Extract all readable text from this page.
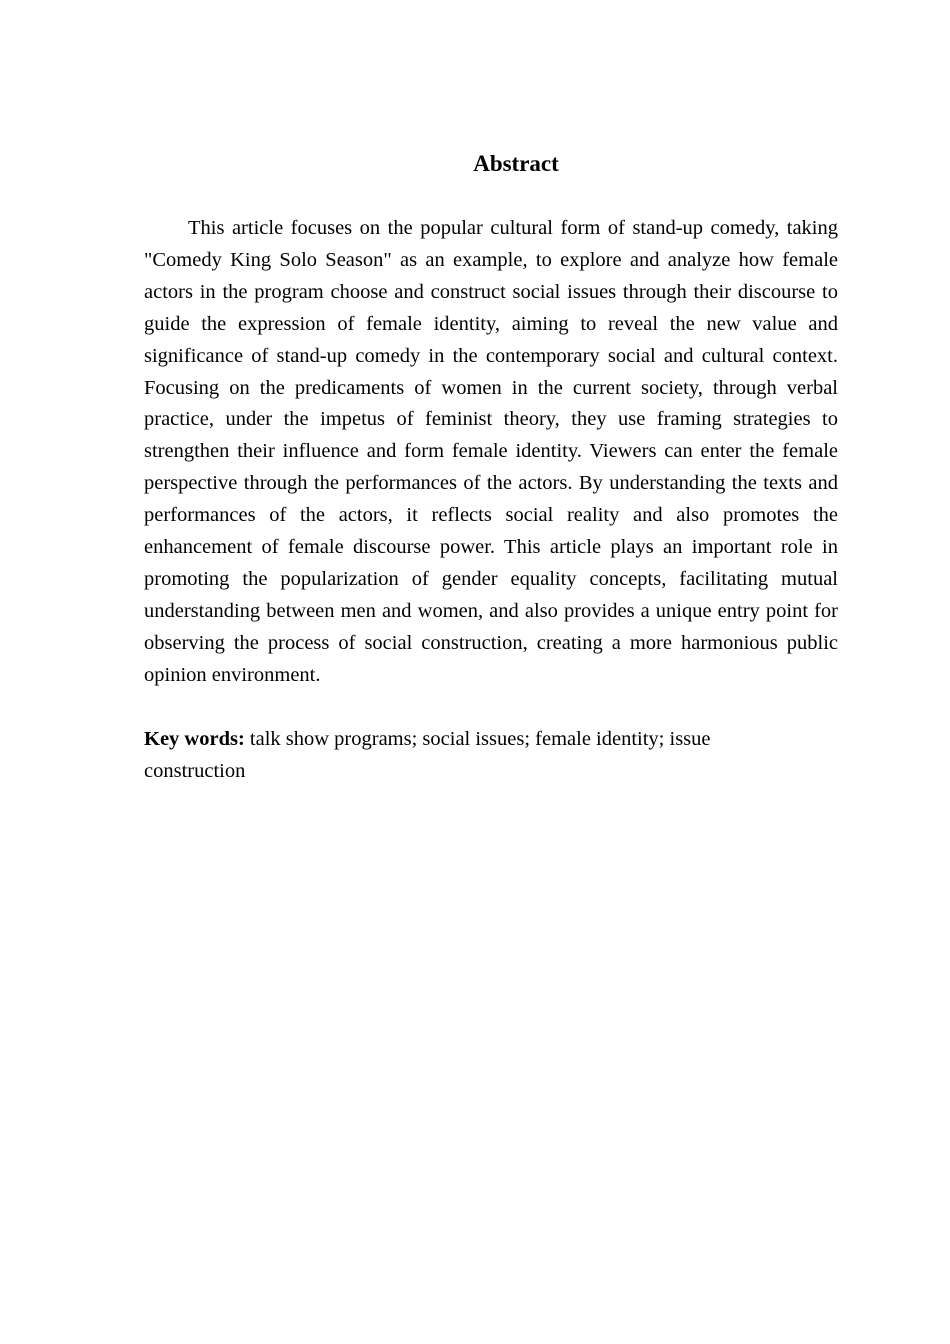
Abstract

This article focuses on the popular cultural form of stand-up comedy, taking "Comedy King Solo Season" as an example, to explore and analyze how female actors in the program choose and construct social issues through their discourse to guide the expression of female identity, aiming to reveal the new value and significance of stand-up comedy in the contemporary social and cultural context. Focusing on the predicaments of women in the current society, through verbal practice, under the impetus of feminist theory, they use framing strategies to strengthen their influence and form female identity. Viewers can enter the female perspective through the performances of the actors. By understanding the texts and performances of the actors, it reflects social reality and also promotes the enhancement of female discourse power. This article plays an important role in promoting the popularization of gender equality concepts, facilitating mutual understanding between men and women, and also provides a unique entry point for observing the process of social construction, creating a more harmonious public opinion environment.

Key words: talk show programs; social issues; female identity; issue construction
